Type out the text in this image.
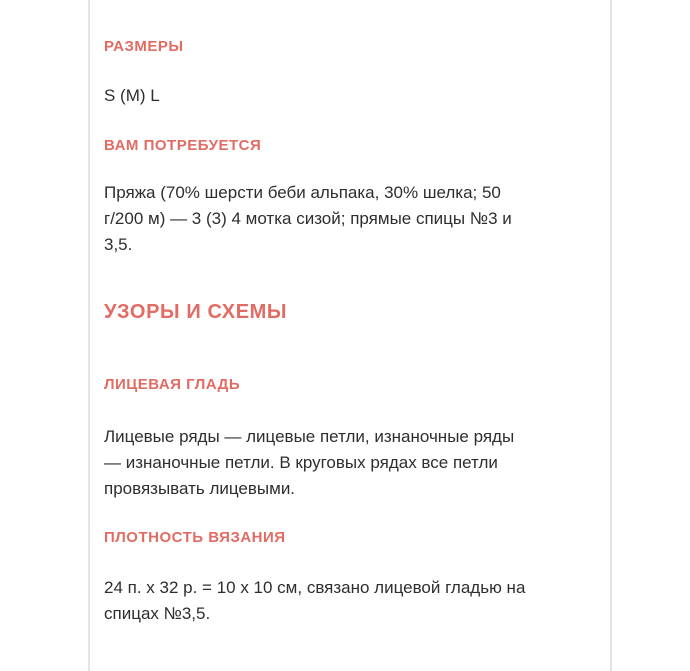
РАЗМЕРЫ

S (M) L

ВАМ ПОТРЕБУЕТСЯ
Пряжа (70% шерсти беби альпака, 30% шелка; 50
г/200 м) — 3 (3) 4 мотка сизой; прямые спицы №3 и
3,5.
УЗОРЫ И СХЕМЫ
ЛИЦЕВАЯ ГЛАДЬ
Лицевые ряды — лицевые петли, изнаночные ряды
— изнаночные петли. В круговых рядах все петли
провязывать лицевыми.
ПЛОТНОСТЬ ВЯЗАНИЯ
24 п. x 32 р. = 10 x 10 см, связано лицевой гладью на
спицах №3,5.
